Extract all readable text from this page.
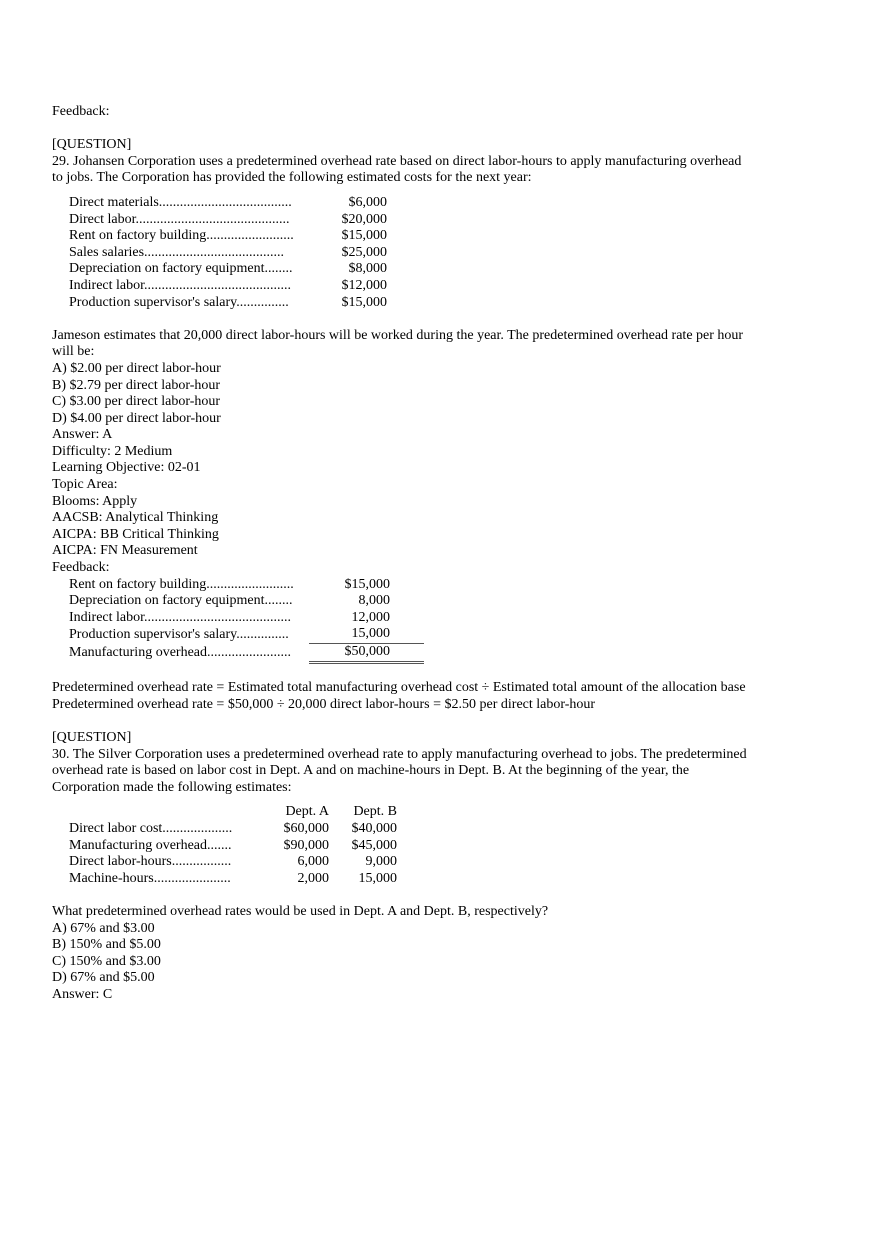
Feedback:
[QUESTION]
29. Johansen Corporation uses a predetermined overhead rate based on direct labor-hours to apply manufacturing overhead to jobs. The Corporation has provided the following estimated costs for the next year:
Direct materials......................................	$6,000
Direct labor............................................	$20,000
Rent on factory building.........................	$15,000
Sales salaries........................................	$25,000
Depreciation on factory equipment........	$8,000
Indirect labor..........................................	$12,000
Production supervisor's salary...............	$15,000
Jameson estimates that 20,000 direct labor-hours will be worked during the year. The predetermined overhead rate per hour will be:
A) $2.00 per direct labor-hour
B) $2.79 per direct labor-hour
C) $3.00 per direct labor-hour
D) $4.00 per direct labor-hour
Answer: A
Difficulty: 2 Medium
Learning Objective: 02-01
Topic Area:
Blooms: Apply
AACSB: Analytical Thinking
AICPA: BB Critical Thinking
AICPA: FN Measurement
Feedback:
Rent on factory building.........................	$15,000	
Depreciation on factory equipment........	8,000	
Indirect labor..........................................	12,000	
Production supervisor's salary...............	15,000	
Manufacturing overhead........................	$50,000	
Predetermined overhead rate = Estimated total manufacturing overhead cost ÷ Estimated total amount of the allocation base
Predetermined overhead rate = $50,000 ÷ 20,000 direct labor-hours = $2.50 per direct labor-hour
[QUESTION]
30. The Silver Corporation uses a predetermined overhead rate to apply manufacturing overhead to jobs. The predetermined overhead rate is based on labor cost in Dept. A and on machine-hours in Dept. B. At the beginning of the year, the Corporation made the following estimates:
	Dept. A	Dept. B
Direct labor cost....................	$60,000	$40,000
Manufacturing overhead.......	$90,000	$45,000
Direct labor-hours.................	6,000	9,000
Machine-hours......................	2,000	15,000
What predetermined overhead rates would be used in Dept. A and Dept. B, respectively?
A) 67% and $3.00
B) 150% and $5.00
C) 150% and $3.00
D) 67% and $5.00
Answer: C
